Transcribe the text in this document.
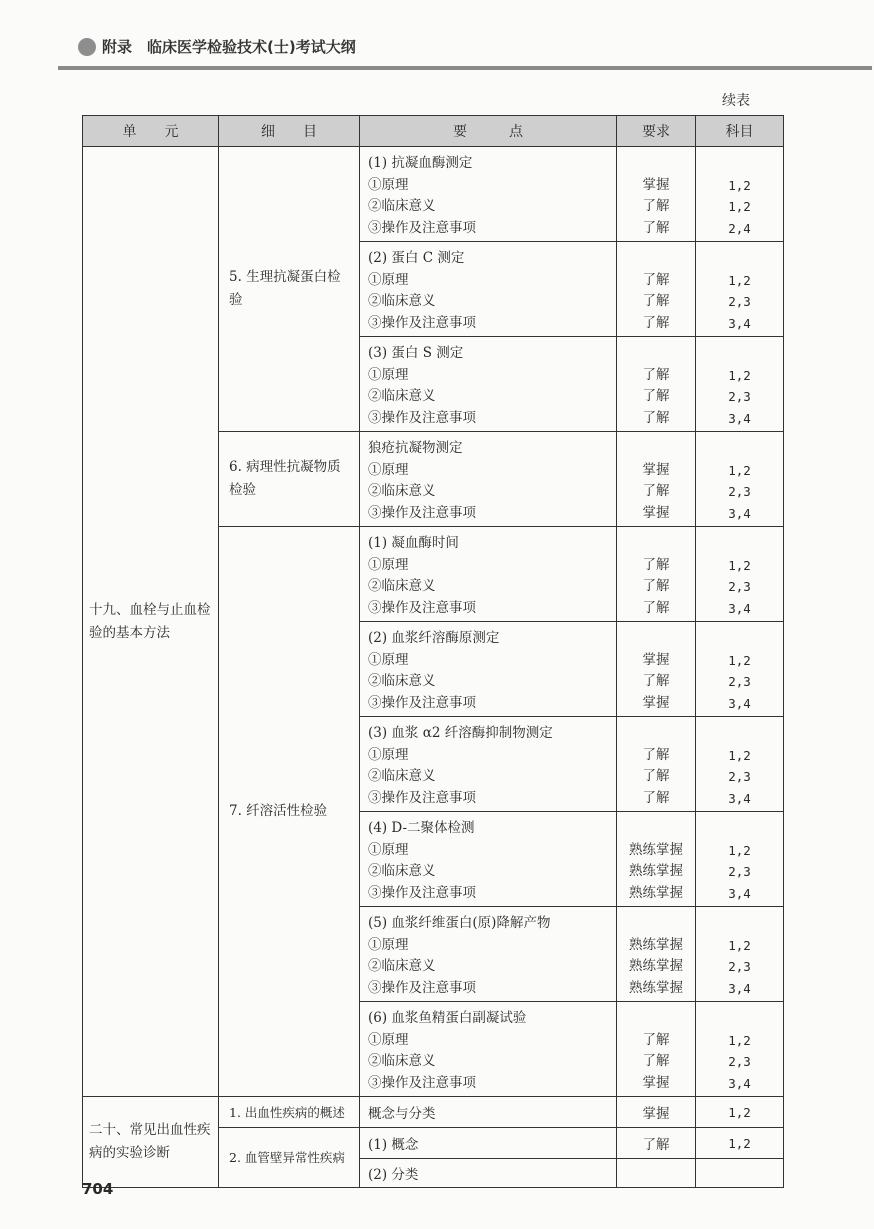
附录　临床医学检验技术(士)考试大纲
续表
单　　元	细　　目	要　　　点	要求	科目
十九、血栓与止血检验的基本方法	5. 生理抗凝蛋白检验	(1) 抗凝血酶测定
①原理
②临床意义
③操作及注意事项	掌握
了解
了解	1,2
1,2
2,4

		(2) 蛋白 C 测定
①原理
②临床意义
③操作及注意事项	了解
了解
了解	1,2
2,3
3,4

		(3) 蛋白 S 测定
①原理
②临床意义
③操作及注意事项	了解
了解
了解	1,2
2,3
3,4

	6. 病理性抗凝物质检验	狼疮抗凝物测定
①原理
②临床意义
③操作及注意事项	掌握
了解
掌握	1,2
2,3
3,4

	7. 纤溶活性检验	(1) 凝血酶时间
①原理
②临床意义
③操作及注意事项	了解
了解
了解	1,2
2,3
3,4

		(2) 血浆纤溶酶原测定
①原理
②临床意义
③操作及注意事项	掌握
了解
掌握	1,2
2,3
3,4

		(3) 血浆 α2 纤溶酶抑制物测定
①原理
②临床意义
③操作及注意事项	了解
了解
了解	1,2
2,3
3,4

		(4) D-二聚体检测
①原理
②临床意义
③操作及注意事项	熟练掌握
熟练掌握
熟练掌握	1,2
2,3
3,4

		(5) 血浆纤维蛋白(原)降解产物
①原理
②临床意义
③操作及注意事项	熟练掌握
熟练掌握
熟练掌握	1,2
2,3
3,4

		(6) 血浆鱼精蛋白副凝试验
①原理
②临床意义
③操作及注意事项	了解
了解
掌握	1,2
2,3
3,4

二十、常见出血性疾病的实验诊断	1. 出血性疾病的概述	概念与分类	掌握	1,2
	2. 血管壁异常性疾病	(1) 概念	了解	1,2
		(2) 分类		
704
